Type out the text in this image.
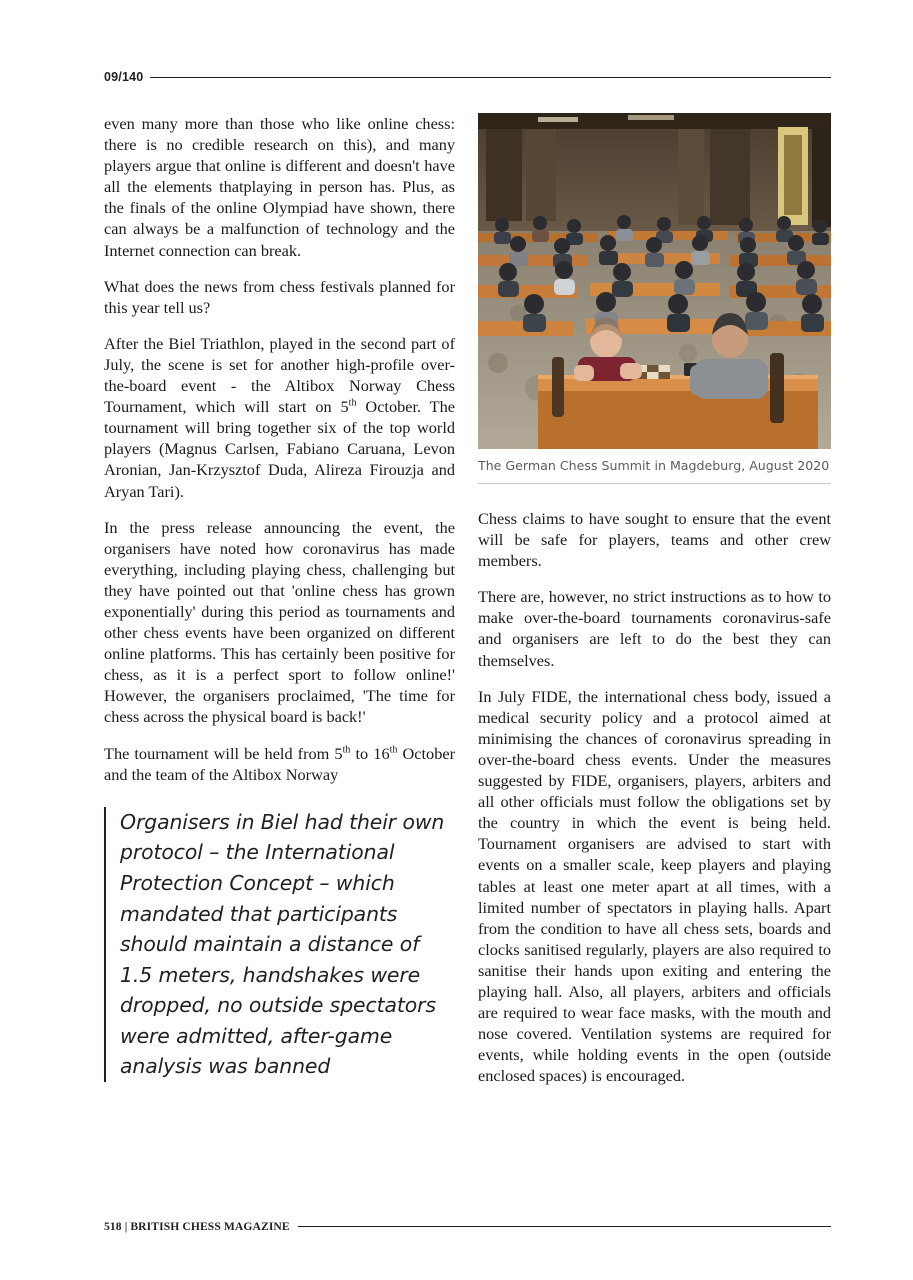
09/140

even many more than those who like online chess: there is no credible research on this), and many players argue that online is different and doesn't have all the elements thatplaying in person has. Plus, as the finals of the online Olympiad have shown, there can always be a malfunction of technology and the Internet connection can break.

What does the news from chess festivals planned for this year tell us?

After the Biel Triathlon, played in the second part of July, the scene is set for another high-profile over-the-board event - the Altibox Norway Chess Tournament, which will start on 5th October. The tournament will bring together six of the top world players (Magnus Carlsen, Fabiano Caruana, Levon Aronian, Jan-Krzysztof Duda, Alireza Firouzja and Aryan Tari).

In the press release announcing the event, the organisers have noted how coronavirus has made everything, including playing chess, challenging but they have pointed out that 'online chess has grown exponentially' during this period as tournaments and other chess events have been organized on different online platforms. This has certainly been positive for chess, as it is a perfect sport to follow online!' However, the organisers proclaimed, 'The time for chess across the physical board is back!'

The tournament will be held from 5th to 16th October and the team of the Altibox Norway

Organisers in Biel had their own protocol – the International Protection Concept – which mandated that participants should maintain a distance of 1.5 meters, handshakes were dropped, no outside spectators were admitted, after-game analysis was banned
The German Chess Summit in Magdeburg, August 2020

Chess claims to have sought to ensure that the event will be safe for players, teams and other crew members.

There are, however, no strict instructions as to how to make over-the-board tournaments coronavirus-safe and organisers are left to do the best they can themselves.

In July FIDE, the international chess body, issued a medical security policy and a protocol aimed at minimising the chances of coronavirus spreading in over-the-board chess events. Under the measures suggested by FIDE, organisers, players, arbiters and all other officials must follow the obligations set by the country in which the event is being held. Tournament organisers are advised to start with events on a smaller scale, keep players and playing tables at least one meter apart at all times, with a limited number of spectators in playing halls. Apart from the condition to have all chess sets, boards and clocks sanitised regularly, players are also required to sanitise their hands upon exiting and entering the playing hall. Also, all players, arbiters and officials are required to wear face masks, with the mouth and nose covered. Ventilation systems are required for events, while holding events in the open (outside enclosed spaces) is encouraged.

518 | BRITISH CHESS MAGAZINE
